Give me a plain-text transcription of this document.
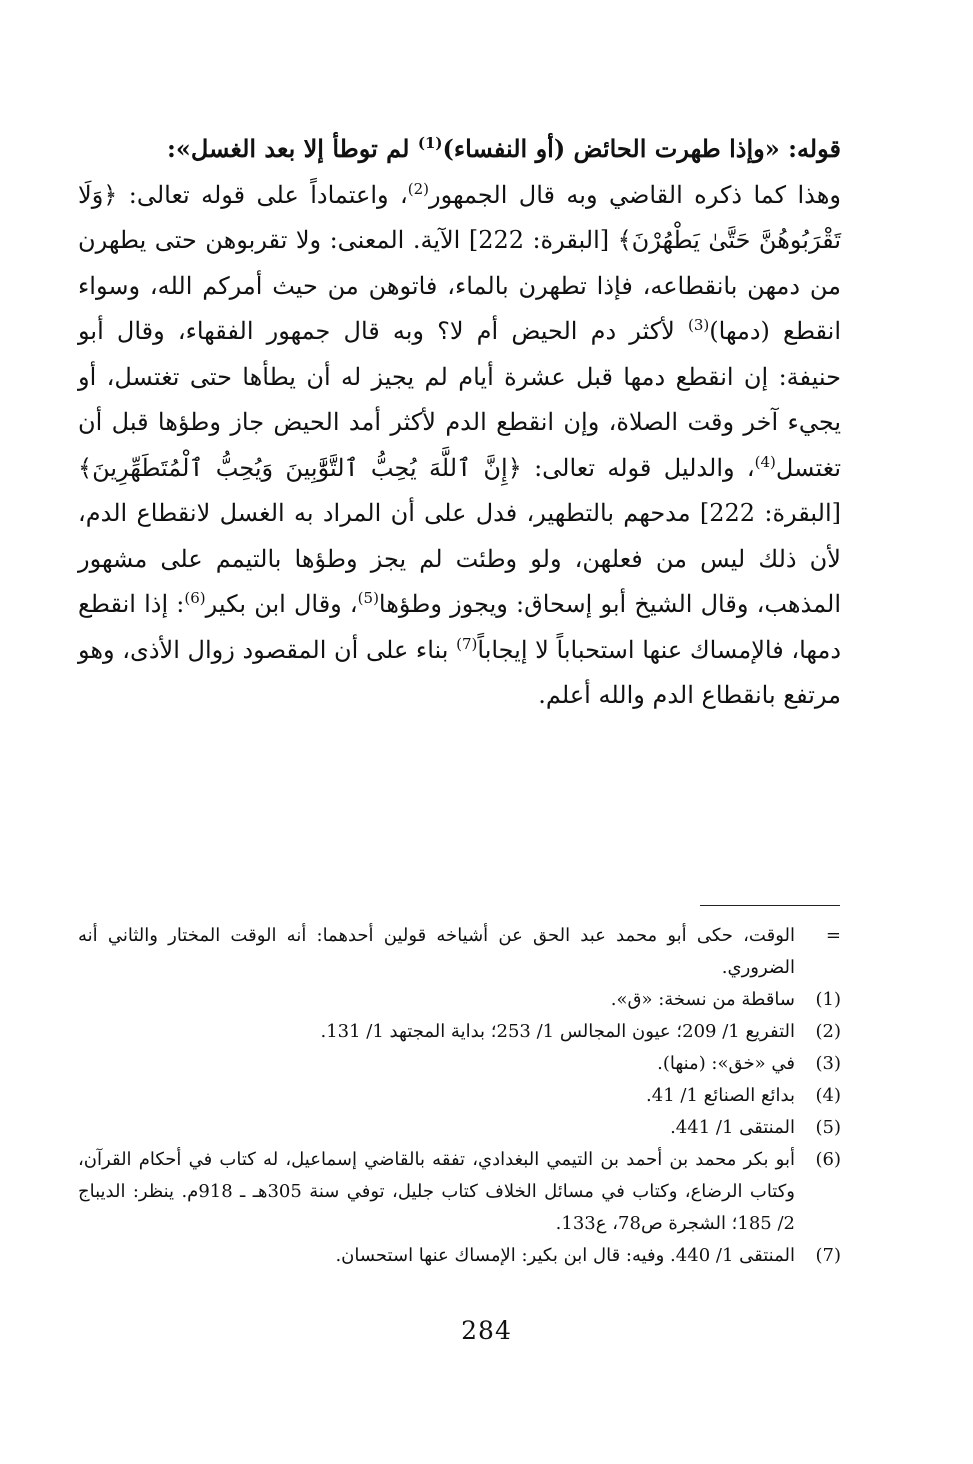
قوله: «وإذا طهرت الحائض (أو النفساء)$^{(1)}$ لم توطأ إلا بعد الغسل»:
وهذا كما ذكره القاضي وبه قال الجمهور$^{(2)}$، واعتماداً على قوله تعالى: ﴿وَلَا تَقْرَبُوهُنَّ حَتَّىٰ يَطْهُرْنَ﴾ [البقرة: 222] الآية. المعنى: ولا تقربوهن حتى يطهرن من دمهن بانقطاعه، فإذا تطهرن بالماء، فاتوهن من حيث أمركم الله، وسواء انقطع (دمها)$^{(3)}$ لأكثر دم الحيض أم لا؟ وبه قال جمهور الفقهاء، وقال أبو حنيفة: إن انقطع دمها قبل عشرة أيام لم يجيز له أن يطأها حتى تغتسل، أو يجيء آخر وقت الصلاة، وإن انقطع الدم لأكثر أمد الحيض جاز وطؤها قبل أن تغتسل$^{(4)}$، والدليل قوله تعالى: ﴿إِنَّ ٱللَّهَ يُحِبُّ ٱلتَّوَّٰبِينَ وَيُحِبُّ ٱلْمُتَطَهِّرِينَ﴾ [البقرة: 222] مدحهم بالتطهير، فدل على أن المراد به الغسل لانقطاع الدم، لأن ذلك ليس من فعلهن، ولو وطئت لم يجز وطؤها بالتيمم على مشهور المذهب، وقال الشيخ أبو إسحاق: ويجوز وطؤها$^{(5)}$، وقال ابن بكير$^{(6)}$: إذا انقطع دمها، فالإمساك عنها استحباباً لا إيجاباً$^{(7)}$ بناء على أن المقصود زوال الأذى، وهو مرتفع بانقطاع الدم والله أعلم.

=
الوقت، حكى أبو محمد عبد الحق عن أشياخه قولين أحدهما: أنه الوقت المختار والثاني أنه الضروري.
(1)
ساقطة من نسخة: «ق».
(2)
التفريع 1/ 209؛ عيون المجالس 1/ 253؛ بداية المجتهد 1/ 131.
(3)
في «خق»: (منها).
(4)
بدائع الصنائع 1/ 41.
(5)
المنتقى 1/ 441.
(6)
أبو بكر محمد بن أحمد بن التيمي البغدادي، تفقه بالقاضي إسماعيل، له كتاب في أحكام القرآن، وكتاب الرضاع، وكتاب في مسائل الخلاف كتاب جليل، توفي سنة 305هـ ـ 918م. ينظر: الديباج 2/ 185؛ الشجرة ص78، ع133.
(7)
المنتقى 1/ 440. وفيه: قال ابن بكير: الإمساك عنها استحسان.
284
